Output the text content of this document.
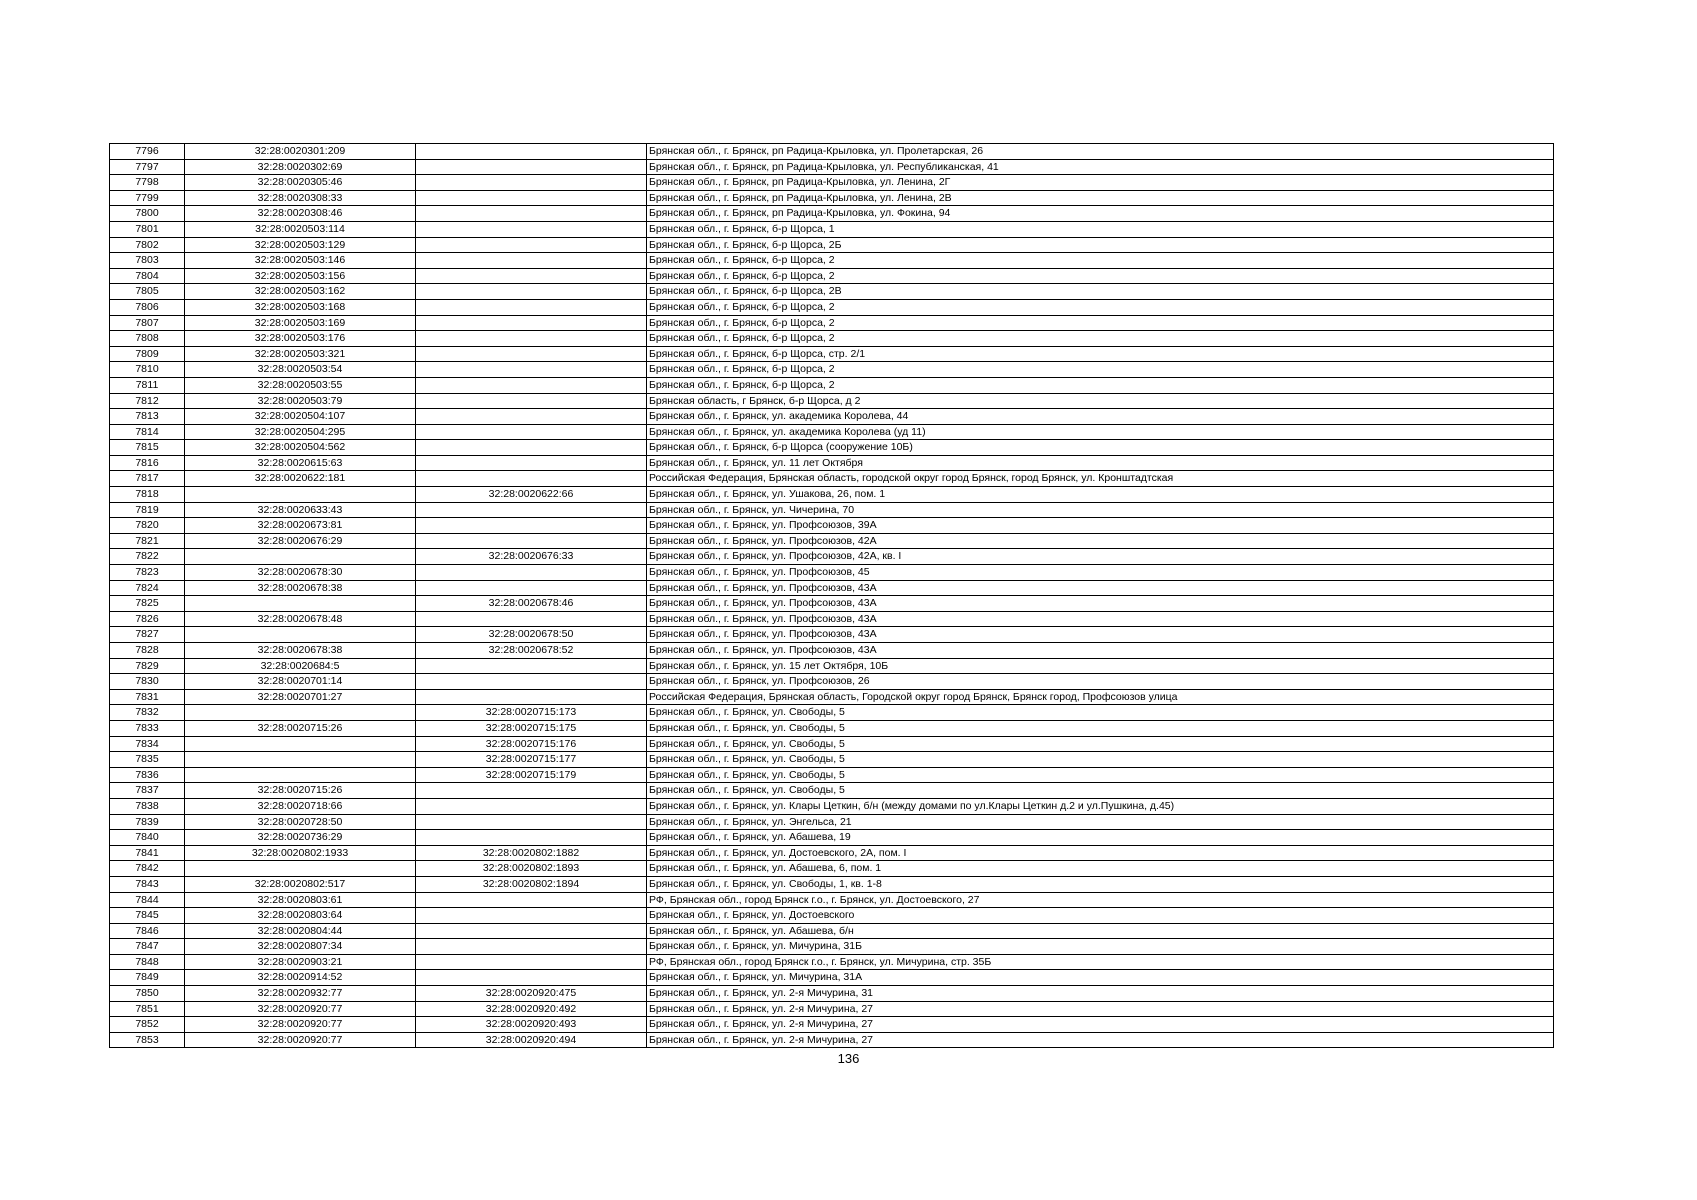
7796	32:28:0020301:209		Брянская обл., г. Брянск, рп Радица-Крыловка, ул. Пролетарская, 26
7797	32:28:0020302:69		Брянская обл., г. Брянск, рп Радица-Крыловка, ул. Республиканская, 41
7798	32:28:0020305:46		Брянская обл., г. Брянск, рп Радица-Крыловка, ул. Ленина, 2Г
7799	32:28:0020308:33		Брянская обл., г. Брянск, рп Радица-Крыловка, ул. Ленина, 2В
7800	32:28:0020308:46		Брянская обл., г. Брянск, рп Радица-Крыловка, ул. Фокина, 94
7801	32:28:0020503:114		Брянская обл., г. Брянск, б-р Щорса, 1
7802	32:28:0020503:129		Брянская обл., г. Брянск, б-р Щорса, 2Б
7803	32:28:0020503:146		Брянская обл., г. Брянск, б-р Щорса, 2
7804	32:28:0020503:156		Брянская обл., г. Брянск, б-р Щорса, 2
7805	32:28:0020503:162		Брянская обл., г. Брянск, б-р Щорса, 2В
7806	32:28:0020503:168		Брянская обл., г. Брянск, б-р Щорса, 2
7807	32:28:0020503:169		Брянская обл., г. Брянск, б-р Щорса, 2
7808	32:28:0020503:176		Брянская обл., г. Брянск, б-р Щорса, 2
7809	32:28:0020503:321		Брянская обл., г. Брянск, б-р Щорса, стр. 2/1
7810	32:28:0020503:54		Брянская обл., г. Брянск, б-р Щорса, 2
7811	32:28:0020503:55		Брянская обл., г. Брянск, б-р Щорса, 2
7812	32:28:0020503:79		Брянская область, г Брянск, б-р Щорса, д 2
7813	32:28:0020504:107		Брянская обл., г. Брянск, ул. академика Королева, 44
7814	32:28:0020504:295		Брянская обл., г. Брянск, ул. академика Королева (уд 11)
7815	32:28:0020504:562		Брянская обл., г. Брянск, б-р Щорса (сооружение 10Б)
7816	32:28:0020615:63		Брянская обл., г. Брянск, ул. 11 лет Октября
7817	32:28:0020622:181		Российская Федерация, Брянская область, городской округ город Брянск, город Брянск, ул. Кронштадтская
7818		32:28:0020622:66	Брянская обл., г. Брянск, ул. Ушакова, 26, пом. 1
7819	32:28:0020633:43		Брянская обл., г. Брянск, ул. Чичерина, 70
7820	32:28:0020673:81		Брянская обл., г. Брянск, ул. Профсоюзов, 39А
7821	32:28:0020676:29		Брянская обл., г. Брянск, ул. Профсоюзов, 42А
7822		32:28:0020676:33	Брянская обл., г. Брянск, ул. Профсоюзов, 42А, кв. I
7823	32:28:0020678:30		Брянская обл., г. Брянск, ул. Профсоюзов, 45
7824	32:28:0020678:38		Брянская обл., г. Брянск, ул. Профсоюзов, 43А
7825		32:28:0020678:46	Брянская обл., г. Брянск, ул. Профсоюзов, 43А
7826	32:28:0020678:48		Брянская обл., г. Брянск, ул. Профсоюзов, 43А
7827		32:28:0020678:50	Брянская обл., г. Брянск, ул. Профсоюзов, 43А
7828	32:28:0020678:38	32:28:0020678:52	Брянская обл., г. Брянск, ул. Профсоюзов, 43А
7829	32:28:0020684:5		Брянская обл., г. Брянск, ул. 15 лет Октября, 10Б
7830	32:28:0020701:14		Брянская обл., г. Брянск, ул. Профсоюзов, 26
7831	32:28:0020701:27		Российская Федерация, Брянская область, Городской округ город Брянск, Брянск город, Профсоюзов улица
7832		32:28:0020715:173	Брянская обл., г. Брянск, ул. Свободы, 5
7833	32:28:0020715:26	32:28:0020715:175	Брянская обл., г. Брянск, ул. Свободы, 5
7834		32:28:0020715:176	Брянская обл., г. Брянск, ул. Свободы, 5
7835		32:28:0020715:177	Брянская обл., г. Брянск, ул. Свободы, 5
7836		32:28:0020715:179	Брянская обл., г. Брянск, ул. Свободы, 5
7837	32:28:0020715:26		Брянская обл., г. Брянск, ул. Свободы, 5
7838	32:28:0020718:66		Брянская обл., г. Брянск, ул. Клары Цеткин, б/н (между домами по ул.Клары Цеткин д.2 и ул.Пушкина, д.45)
7839	32:28:0020728:50		Брянская обл., г. Брянск, ул. Энгельса, 21
7840	32:28:0020736:29		Брянская обл., г. Брянск, ул. Абашева, 19
7841	32:28:0020802:1933	32:28:0020802:1882	Брянская обл., г. Брянск, ул. Достоевского, 2А, пом. I
7842		32:28:0020802:1893	Брянская обл., г. Брянск, ул. Абашева, 6, пом. 1
7843	32:28:0020802:517	32:28:0020802:1894	Брянская обл., г. Брянск, ул. Свободы, 1, кв. 1-8
7844	32:28:0020803:61		РФ, Брянская обл., город Брянск г.о., г. Брянск, ул. Достоевского, 27
7845	32:28:0020803:64		Брянская обл., г. Брянск, ул. Достоевского
7846	32:28:0020804:44		Брянская обл., г. Брянск, ул. Абашева, б/н
7847	32:28:0020807:34		Брянская обл., г. Брянск, ул. Мичурина, 31Б
7848	32:28:0020903:21		РФ, Брянская обл., город Брянск г.о., г. Брянск, ул. Мичурина, стр. 35Б
7849	32:28:0020914:52		Брянская обл., г. Брянск, ул. Мичурина, 31А
7850	32:28:0020932:77	32:28:0020920:475	Брянская обл., г. Брянск, ул. 2-я Мичурина, 31
7851	32:28:0020920:77	32:28:0020920:492	Брянская обл., г. Брянск, ул. 2-я Мичурина, 27
7852	32:28:0020920:77	32:28:0020920:493	Брянская обл., г. Брянск, ул. 2-я Мичурина, 27
7853	32:28:0020920:77	32:28:0020920:494	Брянская обл., г. Брянск, ул. 2-я Мичурина, 27
136
